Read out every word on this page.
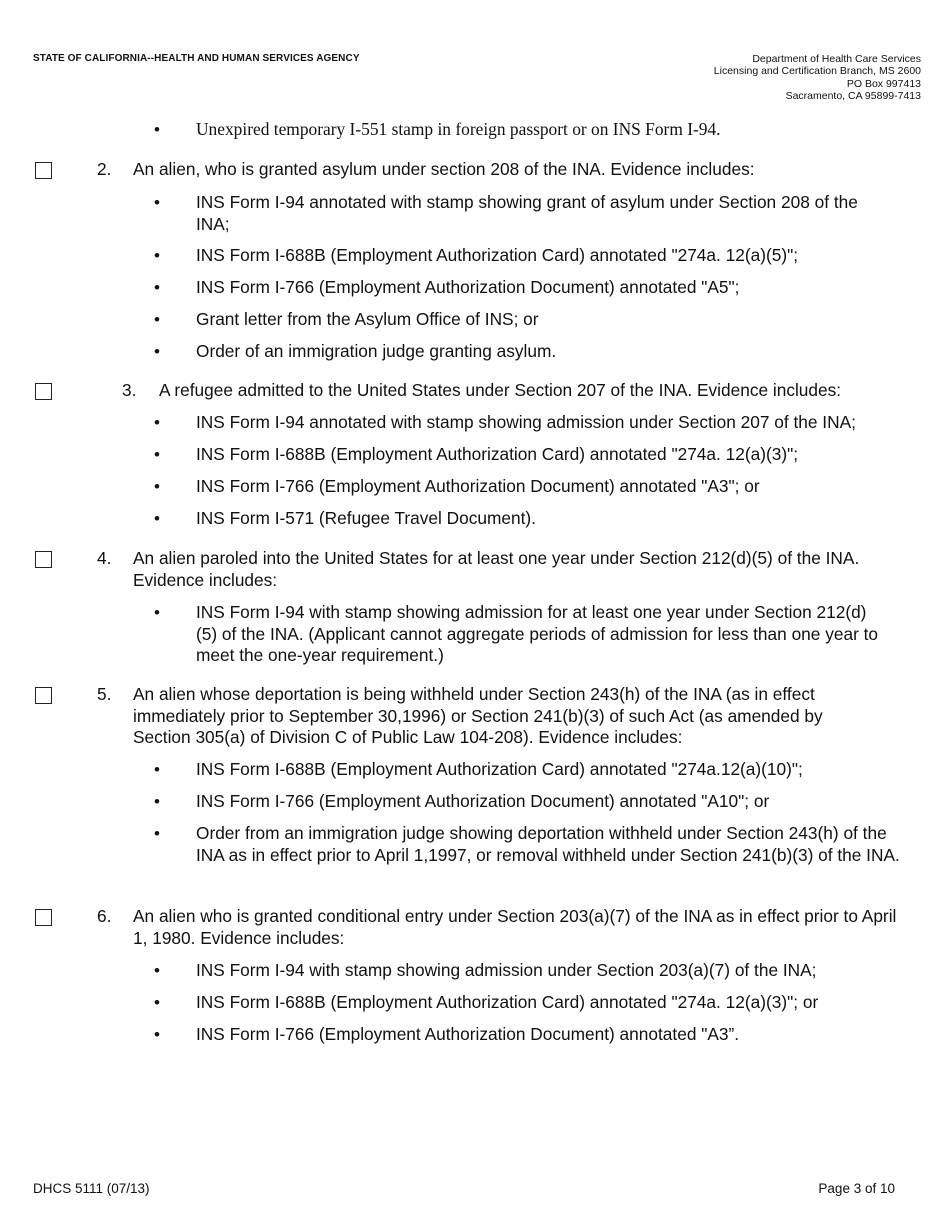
STATE OF CALIFORNIA--HEALTH AND HUMAN SERVICES AGENCY	Department of Health Care Services
Licensing and Certification Branch, MS 2600
PO Box 997413
Sacramento, CA 95899-7413
• Unexpired temporary I-551 stamp in foreign passport or on INS Form I-94.
2. An alien, who is granted asylum under section 208 of the INA. Evidence includes:
• INS Form I-94 annotated with stamp showing grant of asylum under Section 208 of the INA;
• INS Form I-688B (Employment Authorization Card) annotated "274a. 12(a)(5)";
• INS Form I-766 (Employment Authorization Document) annotated "A5";
• Grant letter from the Asylum Office of INS; or
• Order of an immigration judge granting asylum.
3. A refugee admitted to the United States under Section 207 of the INA. Evidence includes:
• INS Form I-94 annotated with stamp showing admission under Section 207 of the INA;
• INS Form I-688B (Employment Authorization Card) annotated "274a. 12(a)(3)";
• INS Form I-766 (Employment Authorization Document) annotated "A3"; or
• INS Form I-571 (Refugee Travel Document).
4. An alien paroled into the United States for at least one year under Section 212(d)(5) of the INA. Evidence includes:
• INS Form I-94 with stamp showing admission for at least one year under Section 212(d)(5) of the INA. (Applicant cannot aggregate periods of admission for less than one year to meet the one-year requirement.)
5. An alien whose deportation is being withheld under Section 243(h) of the INA (as in effect immediately prior to September 30,1996) or Section 241(b)(3) of such Act (as amended by Section 305(a) of Division C of Public Law 104-208). Evidence includes:
• INS Form I-688B (Employment Authorization Card) annotated "274a.12(a)(10)";
• INS Form I-766 (Employment Authorization Document) annotated "A10"; or
• Order from an immigration judge showing deportation withheld under Section 243(h) of the INA as in effect prior to April 1,1997, or removal withheld under Section 241(b)(3) of the INA.
6. An alien who is granted conditional entry under Section 203(a)(7) of the INA as in effect prior to April 1, 1980. Evidence includes:
• INS Form I-94 with stamp showing admission under Section 203(a)(7) of the INA;
• INS Form I-688B (Employment Authorization Card) annotated "274a. 12(a)(3)"; or
• INS Form I-766 (Employment Authorization Document) annotated "A3”.
DHCS 5111 (07/13)	Page 3 of 10
